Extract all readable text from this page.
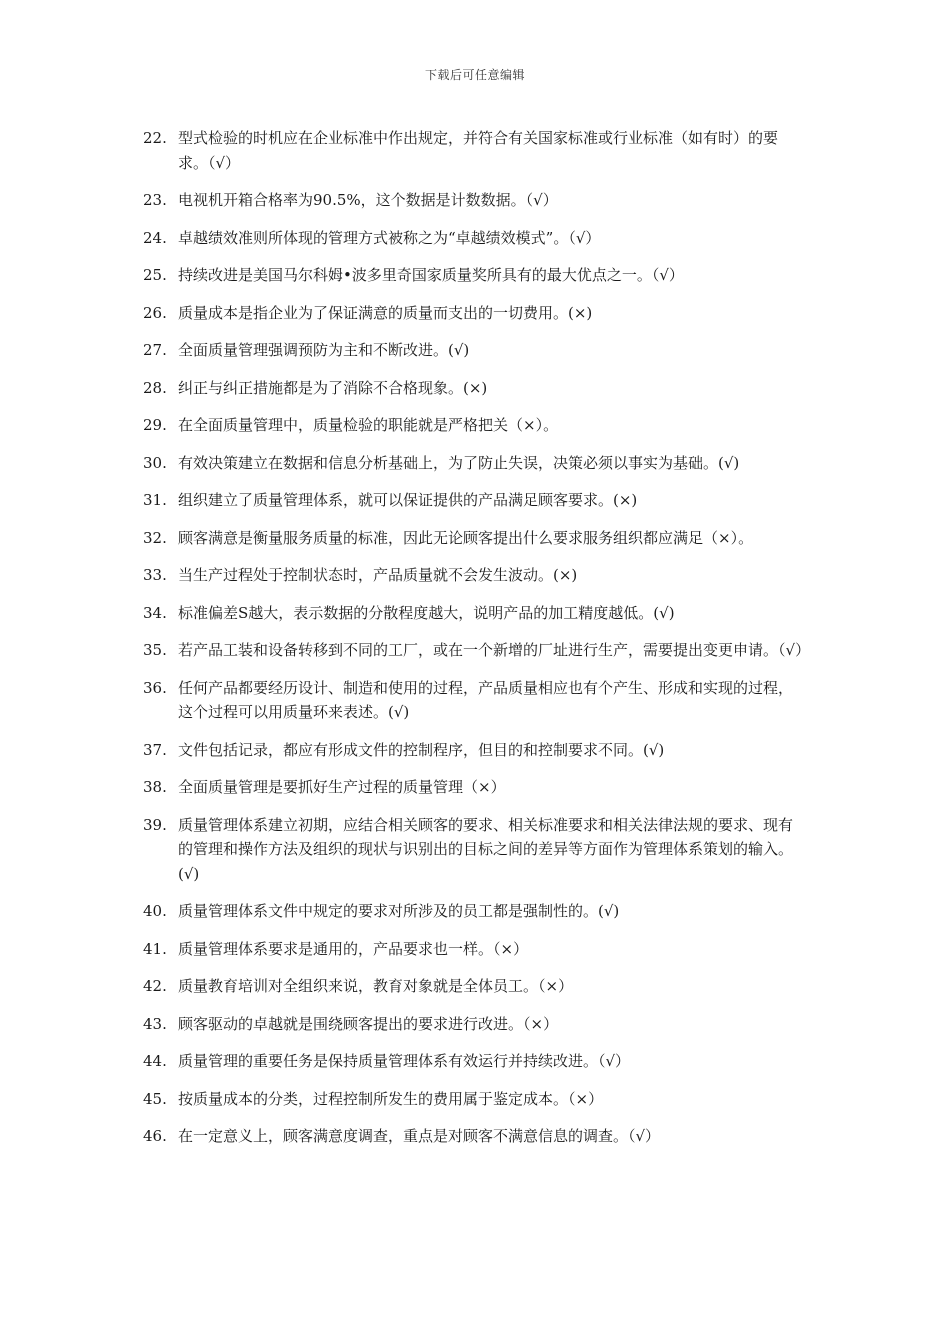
下载后可任意编辑
22. 型式检验的时机应在企业标准中作出规定，并符合有关国家标准或行业标准（如有时）的要求。（√）
23. 电视机开箱合格率为90.5%，这个数据是计数数据。（√）
24. 卓越绩效准则所体现的管理方式被称之为“卓越绩效模式”。（√）
25. 持续改进是美国马尔科姆•波多里奇国家质量奖所具有的最大优点之一。（√）
26. 质量成本是指企业为了保证满意的质量而支出的一切费用。(×)
27. 全面质量管理强调预防为主和不断改进。(√)
28. 纠正与纠正措施都是为了消除不合格现象。(×)
29. 在全面质量管理中，质量检验的职能就是严格把关（×）。
30. 有效决策建立在数据和信息分析基础上，为了防止失误，决策必须以事实为基础。(√)
31. 组织建立了质量管理体系，就可以保证提供的产品满足顾客要求。(×)
32. 顾客满意是衡量服务质量的标准，因此无论顾客提出什么要求服务组织都应满足（×）。
33. 当生产过程处于控制状态时，产品质量就不会发生波动。(×)
34. 标准偏差S越大，表示数据的分散程度越大，说明产品的加工精度越低。(√)
35. 若产品工装和设备转移到不同的工厂，或在一个新增的厂址进行生产，需要提出变更申请。（√）
36. 任何产品都要经历设计、制造和使用的过程，产品质量相应也有个产生、形成和实现的过程，这个过程可以用质量环来表述。(√)
37. 文件包括记录，都应有形成文件的控制程序，但目的和控制要求不同。(√)
38. 全面质量管理是要抓好生产过程的质量管理（×）
39. 质量管理体系建立初期，应结合相关顾客的要求、相关标准要求和相关法律法规的要求、现有的管理和操作方法及组织的现状与识别出的目标之间的差异等方面作为管理体系策划的输入。(√)
40. 质量管理体系文件中规定的要求对所涉及的员工都是强制性的。(√)
41. 质量管理体系要求是通用的，产品要求也一样。（×）
42. 质量教育培训对全组织来说，教育对象就是全体员工。（×）
43. 顾客驱动的卓越就是围绕顾客提出的要求进行改进。（×）
44. 质量管理的重要任务是保持质量管理体系有效运行并持续改进。（√）
45. 按质量成本的分类，过程控制所发生的费用属于鉴定成本。（×）
46. 在一定意义上，顾客满意度调查，重点是对顾客不满意信息的调查。（√）
